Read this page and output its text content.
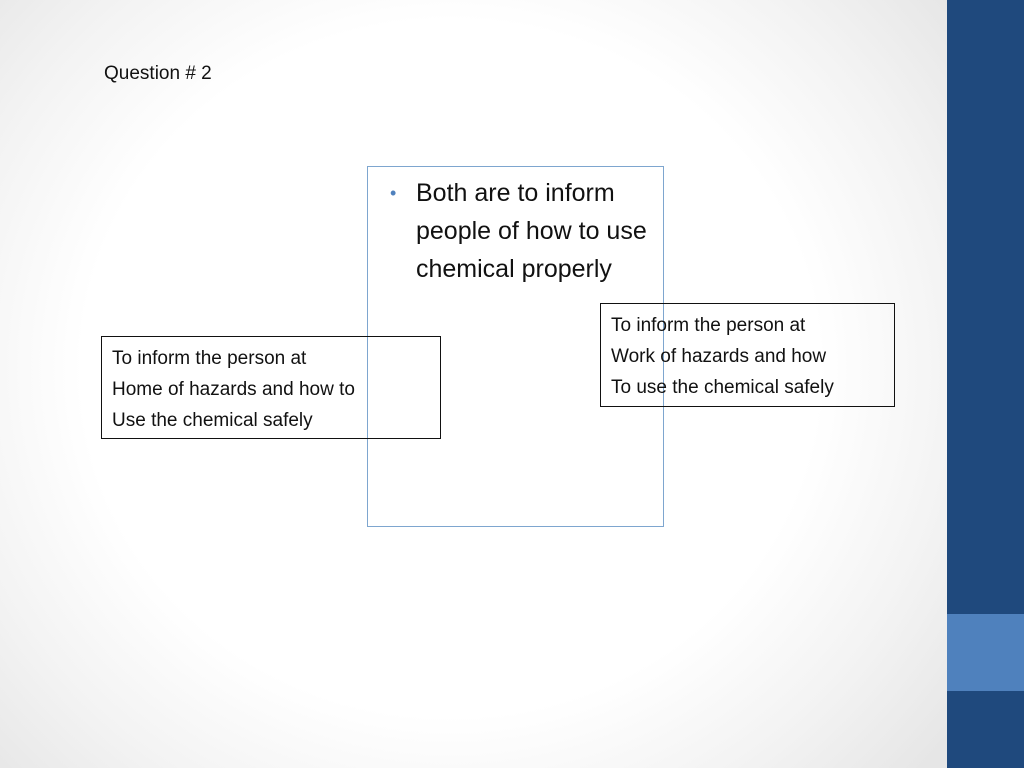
Question # 2
• Both are to inform people of how to use chemical properly
To inform the person at
Home of hazards and how to
Use the chemical safely
To inform the person at
Work of hazards and how
To use the chemical safely
